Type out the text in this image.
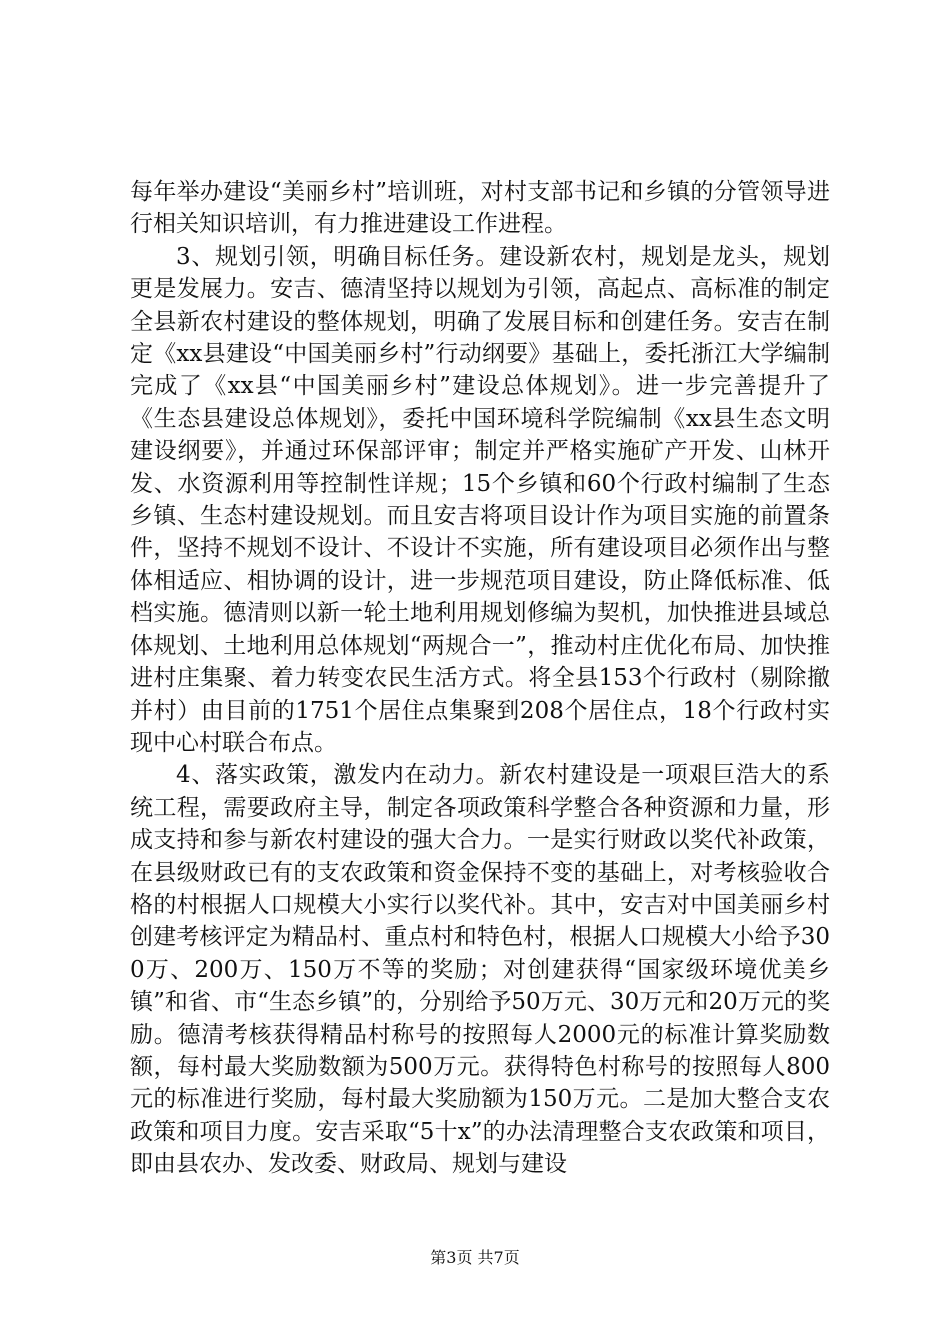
每年举办建设“美丽乡村”培训班，对村支部书记和乡镇的分管领导进行相关知识培训，有力推进建设工作进程。

3、规划引领，明确目标任务。建设新农村，规划是龙头，规划更是发展力。安吉、德清坚持以规划为引领，高起点、高标准的制定全县新农村建设的整体规划，明确了发展目标和创建任务。安吉在制定《xx县建设“中国美丽乡村”行动纲要》基础上，委托浙江大学编制完成了《xx县“中国美丽乡村”建设总体规划》。进一步完善提升了《生态县建设总体规划》，委托中国环境科学院编制《xx县生态文明建设纲要》，并通过环保部评审；制定并严格实施矿产开发、山林开发、水资源利用等控制性详规；15个乡镇和60个行政村编制了生态乡镇、生态村建设规划。而且安吉将项目设计作为项目实施的前置条件，坚持不规划不设计、不设计不实施，所有建设项目必须作出与整体相适应、相协调的设计，进一步规范项目建设，防止降低标准、低档实施。德清则以新一轮土地利用规划修编为契机，加快推进县域总体规划、土地利用总体规划“两规合一”，推动村庄优化布局、加快推进村庄集聚、着力转变农民生活方式。将全县153个行政村（剔除撤并村）由目前的1751个居住点集聚到208个居住点，18个行政村实现中心村联合布点。

4、落实政策，激发内在动力。新农村建设是一项艰巨浩大的系统工程，需要政府主导，制定各项政策科学整合各种资源和力量，形成支持和参与新农村建设的强大合力。一是实行财政以奖代补政策，在县级财政已有的支农政策和资金保持不变的基础上，对考核验收合格的村根据人口规模大小实行以奖代补。其中，安吉对中国美丽乡村创建考核评定为精品村、重点村和特色村，根据人口规模大小给予300万、200万、150万不等的奖励；对创建获得“国家级环境优美乡镇”和省、市“生态乡镇”的，分别给予50万元、30万元和20万元的奖励。德清考核获得精品村称号的按照每人2000元的标准计算奖励数额，每村最大奖励数额为500万元。获得特色村称号的按照每人800元的标准进行奖励，每村最大奖励额为150万元。二是加大整合支农政策和项目力度。安吉采取“5十x”的办法清理整合支农政策和项目，即由县农办、发改委、财政局、规划与建设

第3页 共7页
